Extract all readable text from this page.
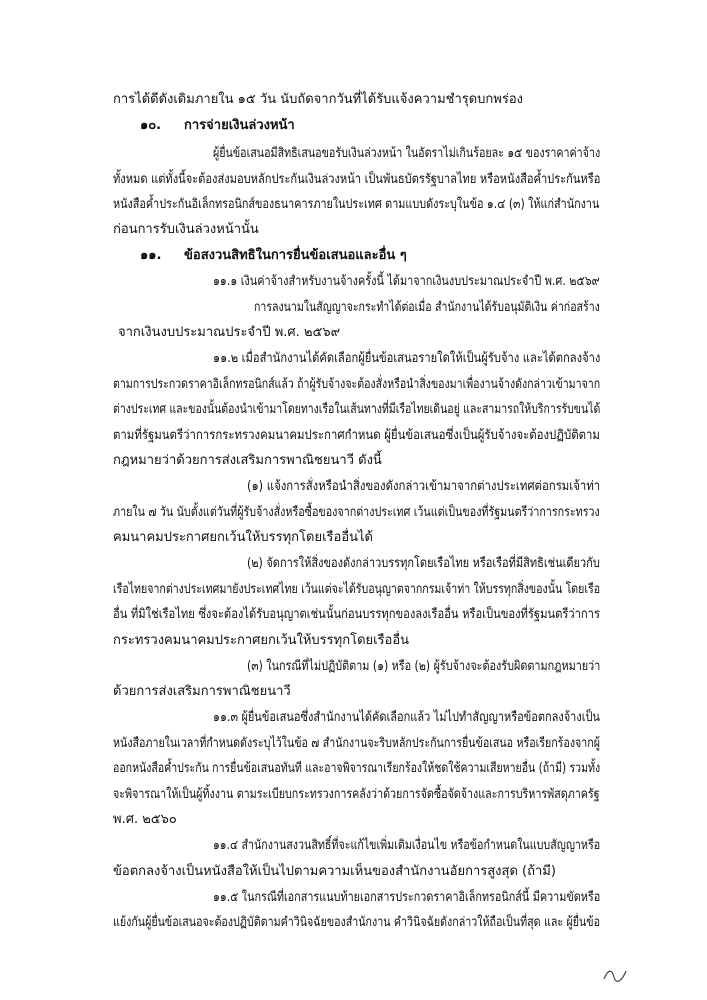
การได้ดีดังเดิมภายใน ๑๕ วัน นับถัดจากวันที่ได้รับแจ้งความชำรุดบกพร่อง
๑๐. การจ่ายเงินล่วงหน้า
ผู้ยื่นข้อเสนอมีสิทธิเสนอขอรับเงินล่วงหน้า ในอัตราไม่เกินร้อยละ ๑๕ ของราคาค่าจ้าง
ทั้งหมด แต่ทั้งนี้จะต้องส่งมอบหลักประกันเงินล่วงหน้า เป็นพันธบัตรรัฐบาลไทย หรือหนังสือค้ำประกันหรือ
หนังสือค้ำประกันอิเล็กทรอนิกส์ของธนาคารภายในประเทศ ตามแบบดังระบุในข้อ ๑.๔ (๓) ให้แก่สำนักงาน
ก่อนการรับเงินล่วงหน้านั้น
๑๑. ข้อสงวนสิทธิในการยื่นข้อเสนอและอื่น ๆ
๑๑.๑ เงินค่าจ้างสำหรับงานจ้างครั้งนี้ ได้มาจากเงินงบประมาณประจำปี พ.ศ. ๒๕๖๙
การลงนามในสัญญาจะกระทำได้ต่อเมื่อ สำนักงานได้รับอนุมัติเงิน ค่าก่อสร้าง
จากเงินงบประมาณประจำปี พ.ศ. ๒๕๖๙
๑๑.๒ เมื่อสำนักงานได้คัดเลือกผู้ยื่นข้อเสนอรายใดให้เป็นผู้รับจ้าง และได้ตกลงจ้าง
ตามการประกวดราคาอิเล็กทรอนิกส์แล้ว ถ้าผู้รับจ้างจะต้องสั่งหรือนำสิ่งของมาเพื่องานจ้างดังกล่าวเข้ามาจาก
ต่างประเทศ และของนั้นต้องนำเข้ามาโดยทางเรือในเส้นทางที่มีเรือไทยเดินอยู่ และสามารถให้บริการรับขนได้
ตามที่รัฐมนตรีว่าการกระทรวงคมนาคมประกาศกำหนด ผู้ยื่นข้อเสนอซึ่งเป็นผู้รับจ้างจะต้องปฏิบัติตาม
กฎหมายว่าด้วยการส่งเสริมการพาณิชยนาวี ดังนี้
(๑) แจ้งการสั่งหรือนำสิ่งของดังกล่าวเข้ามาจากต่างประเทศต่อกรมเจ้าท่า
ภายใน ๗ วัน นับตั้งแต่วันที่ผู้รับจ้างสั่งหรือซื้อของจากต่างประเทศ เว้นแต่เป็นของที่รัฐมนตรีว่าการกระทรวง
คมนาคมประกาศยกเว้นให้บรรทุกโดยเรืออื่นได้
(๒) จัดการให้สิ่งของดังกล่าวบรรทุกโดยเรือไทย หรือเรือที่มีสิทธิเช่นเดียวกับ
เรือไทยจากต่างประเทศมายังประเทศไทย เว้นแต่จะได้รับอนุญาตจากกรมเจ้าท่า ให้บรรทุกสิ่งของนั้น โดยเรือ
อื่น ที่มิใช่เรือไทย ซึ่งจะต้องได้รับอนุญาตเช่นนั้นก่อนบรรทุกของลงเรืออื่น หรือเป็นของที่รัฐมนตรีว่าการ
กระทรวงคมนาคมประกาศยกเว้นให้บรรทุกโดยเรืออื่น
(๓) ในกรณีที่ไม่ปฏิบัติตาม (๑) หรือ (๒) ผู้รับจ้างจะต้องรับผิดตามกฎหมายว่า
ด้วยการส่งเสริมการพาณิชยนาวี
๑๑.๓ ผู้ยื่นข้อเสนอซึ่งสำนักงานได้คัดเลือกแล้ว ไม่ไปทำสัญญาหรือข้อตกลงจ้างเป็น
หนังสือภายในเวลาที่กำหนดดังระบุไว้ในข้อ ๗ สำนักงานจะริบหลักประกันการยื่นข้อเสนอ หรือเรียกร้องจากผู้
ออกหนังสือค้ำประกัน การยื่นข้อเสนอทันที และอาจพิจารณาเรียกร้องให้ชดใช้ความเสียหายอื่น (ถ้ามี) รวมทั้ง
จะพิจารณาให้เป็นผู้ทิ้งงาน ตามระเบียบกระทรวงการคลังว่าด้วยการจัดซื้อจัดจ้างและการบริหารพัสดุภาครัฐ
พ.ศ. ๒๕๖๐
๑๑.๔ สำนักงานสงวนสิทธิ์ที่จะแก้ไขเพิ่มเติมเงื่อนไข หรือข้อกำหนดในแบบสัญญาหรือ
ข้อตกลงจ้างเป็นหนังสือให้เป็นไปตามความเห็นของสำนักงานอัยการสูงสุด (ถ้ามี)
๑๑.๕ ในกรณีที่เอกสารแนบท้ายเอกสารประกวดราคาอิเล็กทรอนิกส์นี้ มีความขัดหรือ
แย้งกันผู้ยื่นข้อเสนอจะต้องปฏิบัติตามคำวินิจฉัยของสำนักงาน คำวินิจฉัยดังกล่าวให้ถือเป็นที่สุด และ ผู้ยื่นข้อ
